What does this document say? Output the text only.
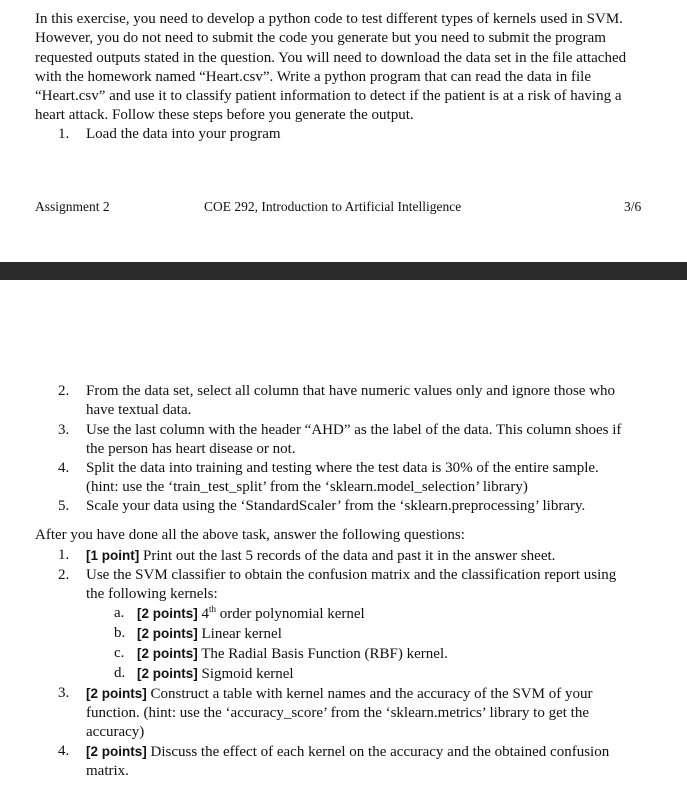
In this exercise, you need to develop a python code to test different types of kernels used in SVM. However, you do not need to submit the code you generate but you need to submit the program requested outputs stated in the question. You will need to download the data set in the file attached with the homework named “Heart.csv”. Write a python program that can read the data in file “Heart.csv” and use it to classify patient information to detect if the patient is at a risk of having a heart attack. Follow these steps before you generate the output.

1. Load the data into your program
Assignment 2	COE 292, Introduction to Artificial Intelligence	3/6
2. From the data set, select all column that have numeric values only and ignore those who
have textual data.
3. Use the last column with the header “AHD” as the label of the data. This column shoes if
the person has heart disease or not.
4. Split the data into training and testing where the test data is 30% of the entire sample.
(hint: use the ‘train_test_split’ from the ‘sklearn.model_selection’ library)
5. Scale your data using the ‘StandardScaler’ from the ‘sklearn.preprocessing’ library.
After you have done all the above task, answer the following questions:
1. [1 point] Print out the last 5 records of the data and past it in the answer sheet.
2. Use the SVM classifier to obtain the confusion matrix and the classification report using
the following kernels:
a. [2 points] 4th order polynomial kernel
b. [2 points] Linear kernel
c. [2 points] The Radial Basis Function (RBF) kernel.
d. [2 points] Sigmoid kernel
3. [2 points] Construct a table with kernel names and the accuracy of the SVM of your
function. (hint: use the ‘accuracy_score’ from the ‘sklearn.metrics’ library to get the
accuracy)
4. [2 points] Discuss the effect of each kernel on the accuracy and the obtained confusion
matrix.
